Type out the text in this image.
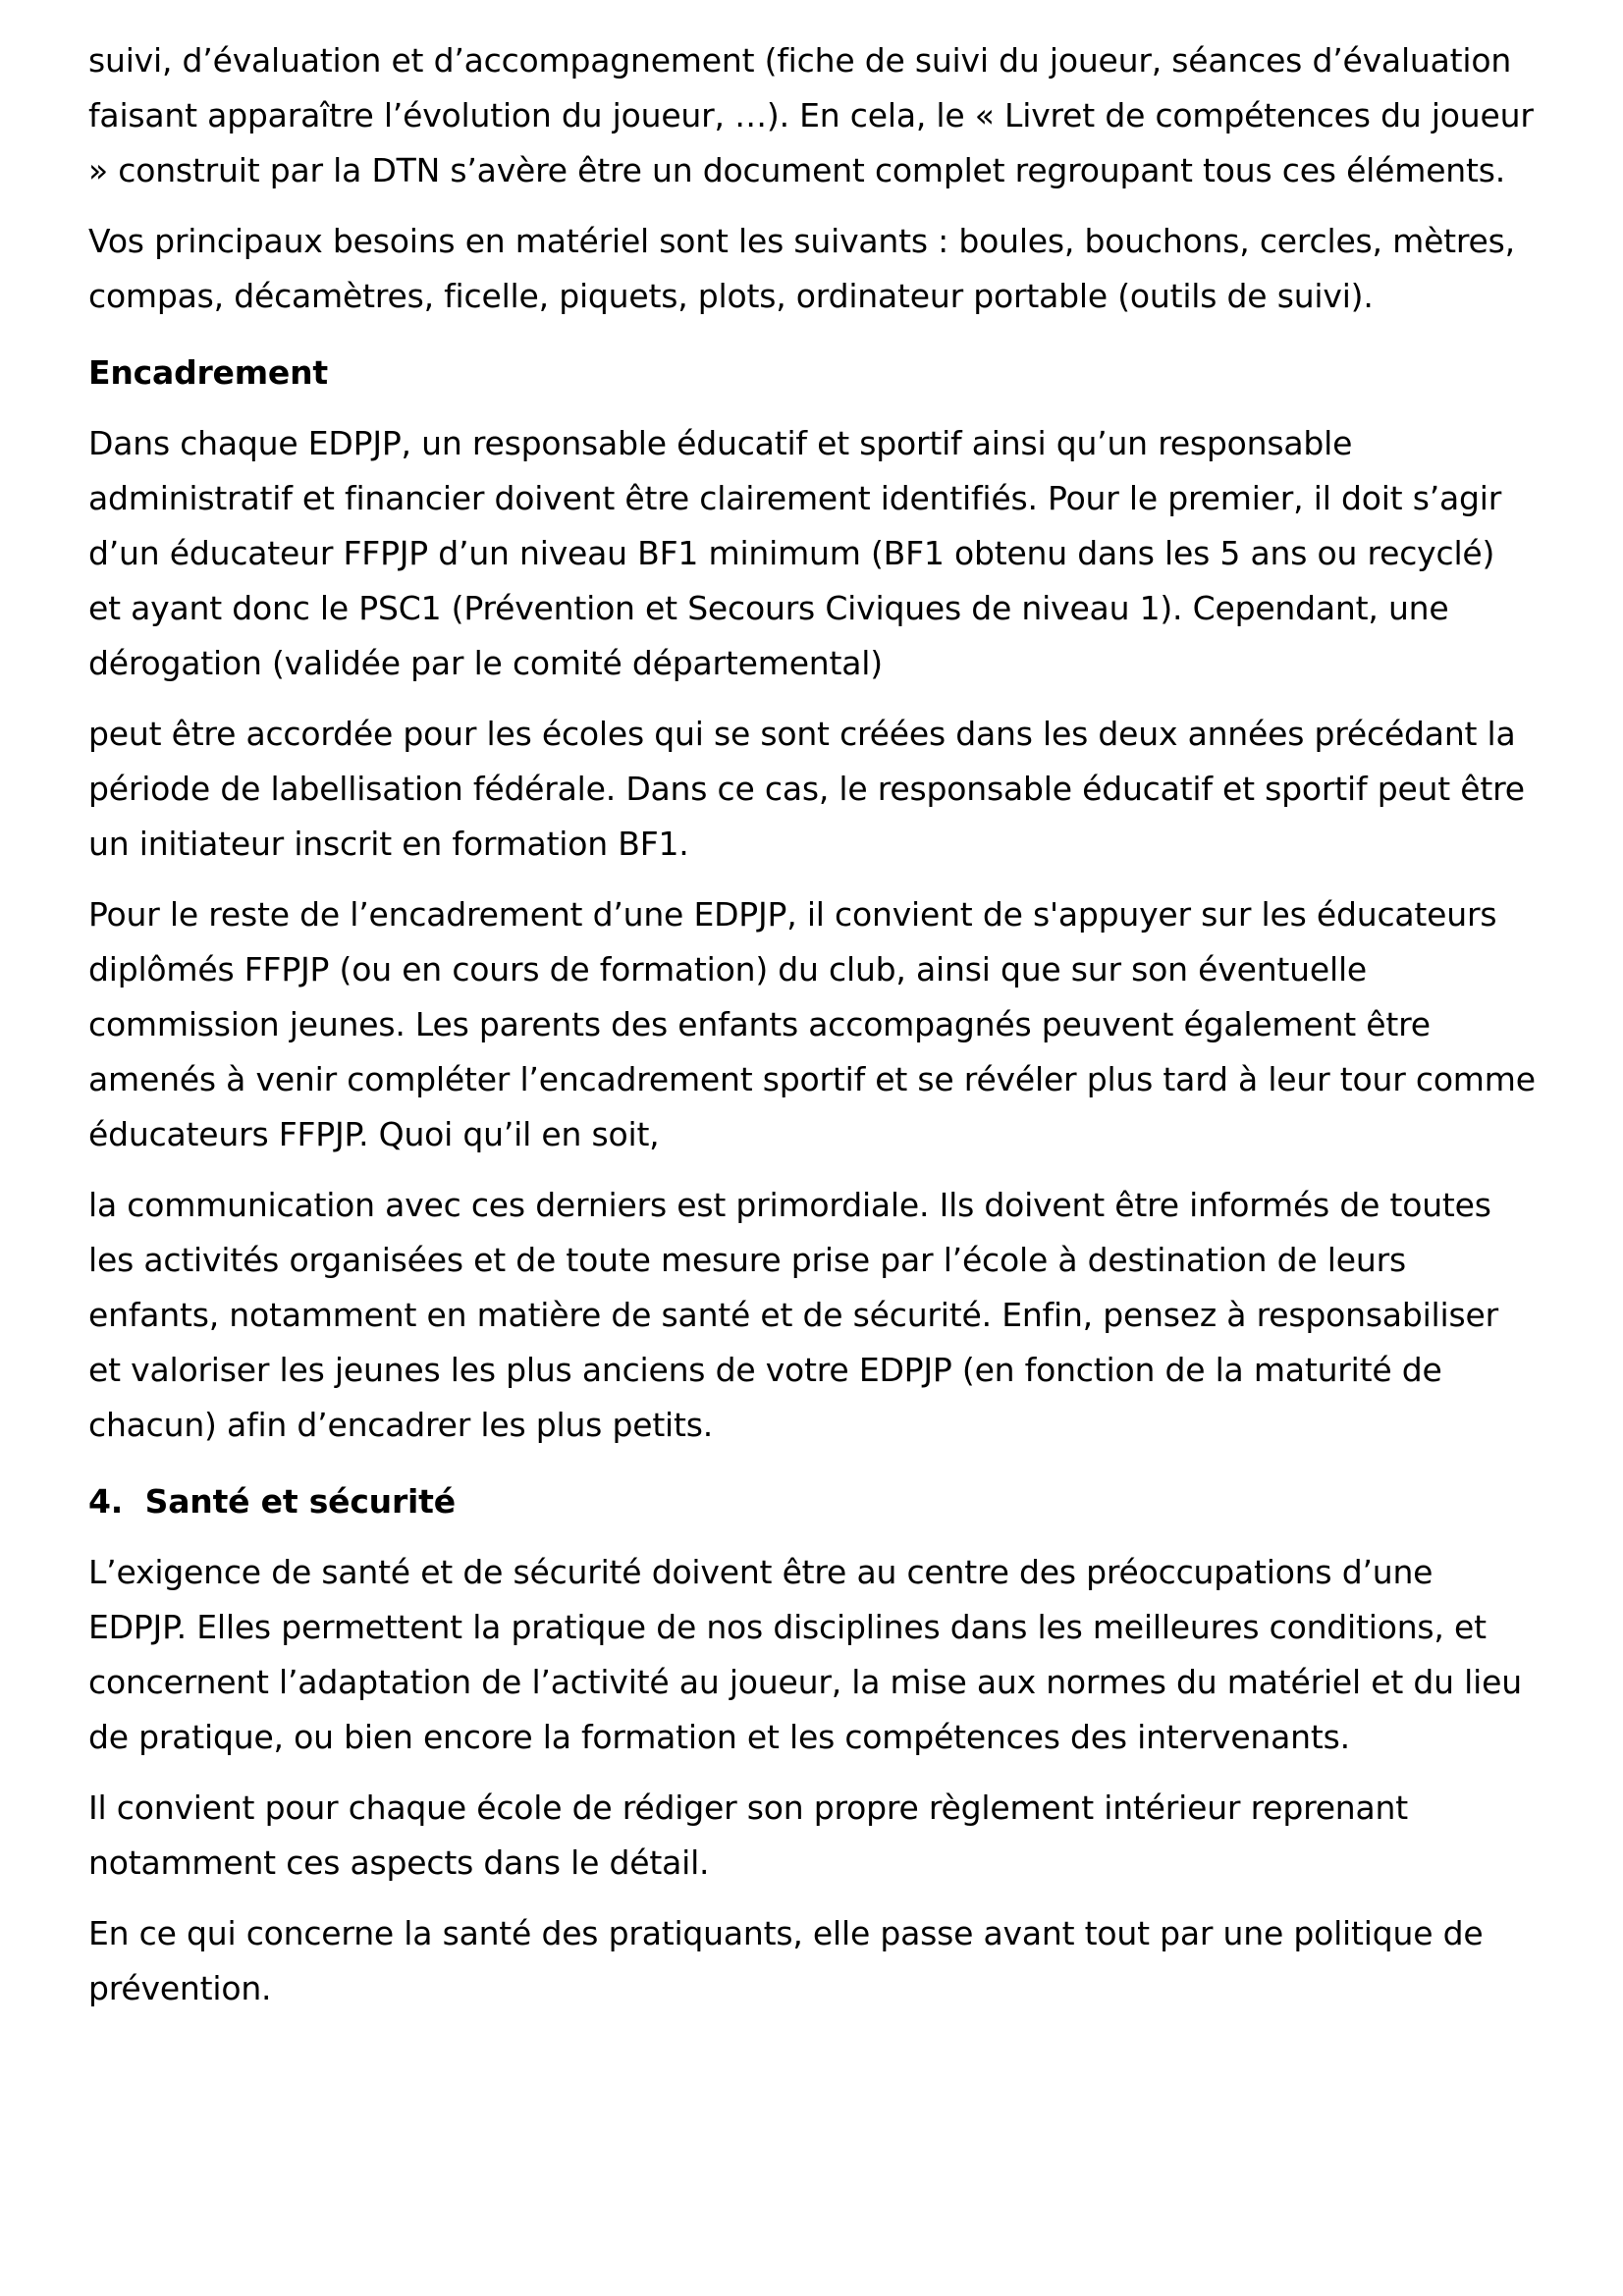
suivi, d’évaluation et d’accompagnement (fiche de suivi du joueur, séances d’évaluation faisant apparaître l’évolution du joueur, …). En cela, le « Livret de compétences du joueur » construit par la DTN s’avère être un document complet regroupant tous ces éléments.

Vos principaux besoins en matériel sont les suivants : boules, bouchons, cercles, mètres, compas, décamètres, ficelle, piquets, plots, ordinateur portable (outils de suivi).

Encadrement

Dans chaque EDPJP, un responsable éducatif et sportif ainsi qu’un responsable administratif et financier doivent être clairement identifiés. Pour le premier, il doit s’agir d’un éducateur FFPJP d’un niveau BF1 minimum (BF1 obtenu dans les 5 ans ou recyclé) et ayant donc le PSC1 (Prévention et Secours Civiques de niveau 1). Cependant, une dérogation (validée par le comité départemental)

peut être accordée pour les écoles qui se sont créées dans les deux années précédant la période de labellisation fédérale. Dans ce cas, le responsable éducatif et sportif peut être un initiateur inscrit en formation BF1.

Pour le reste de l’encadrement d’une EDPJP, il convient de s'appuyer sur les éducateurs diplômés FFPJP (ou en cours de formation) du club, ainsi que sur son éventuelle commission jeunes. Les parents des enfants accompagnés peuvent également être amenés à venir compléter l’encadrement sportif et se révéler plus tard à leur tour comme éducateurs FFPJP. Quoi qu’il en soit,

la communication avec ces derniers est primordiale. Ils doivent être informés de toutes les activités organisées et de toute mesure prise par l’école à destination de leurs enfants, notamment en matière de santé et de sécurité. Enfin, pensez à responsabiliser et valoriser les jeunes les plus anciens de votre EDPJP (en fonction de la maturité de chacun) afin d’encadrer les plus petits.

4.  Santé et sécurité

L’exigence de santé et de sécurité doivent être au centre des préoccupations d’une EDPJP. Elles permettent la pratique de nos disciplines dans les meilleures conditions, et concernent l’adaptation de l’activité au joueur, la mise aux normes du matériel et du lieu de pratique, ou bien encore la formation et les compétences des intervenants.

Il convient pour chaque école de rédiger son propre règlement intérieur reprenant notamment ces aspects dans le détail.

En ce qui concerne la santé des pratiquants, elle passe avant tout par une politique de prévention.
